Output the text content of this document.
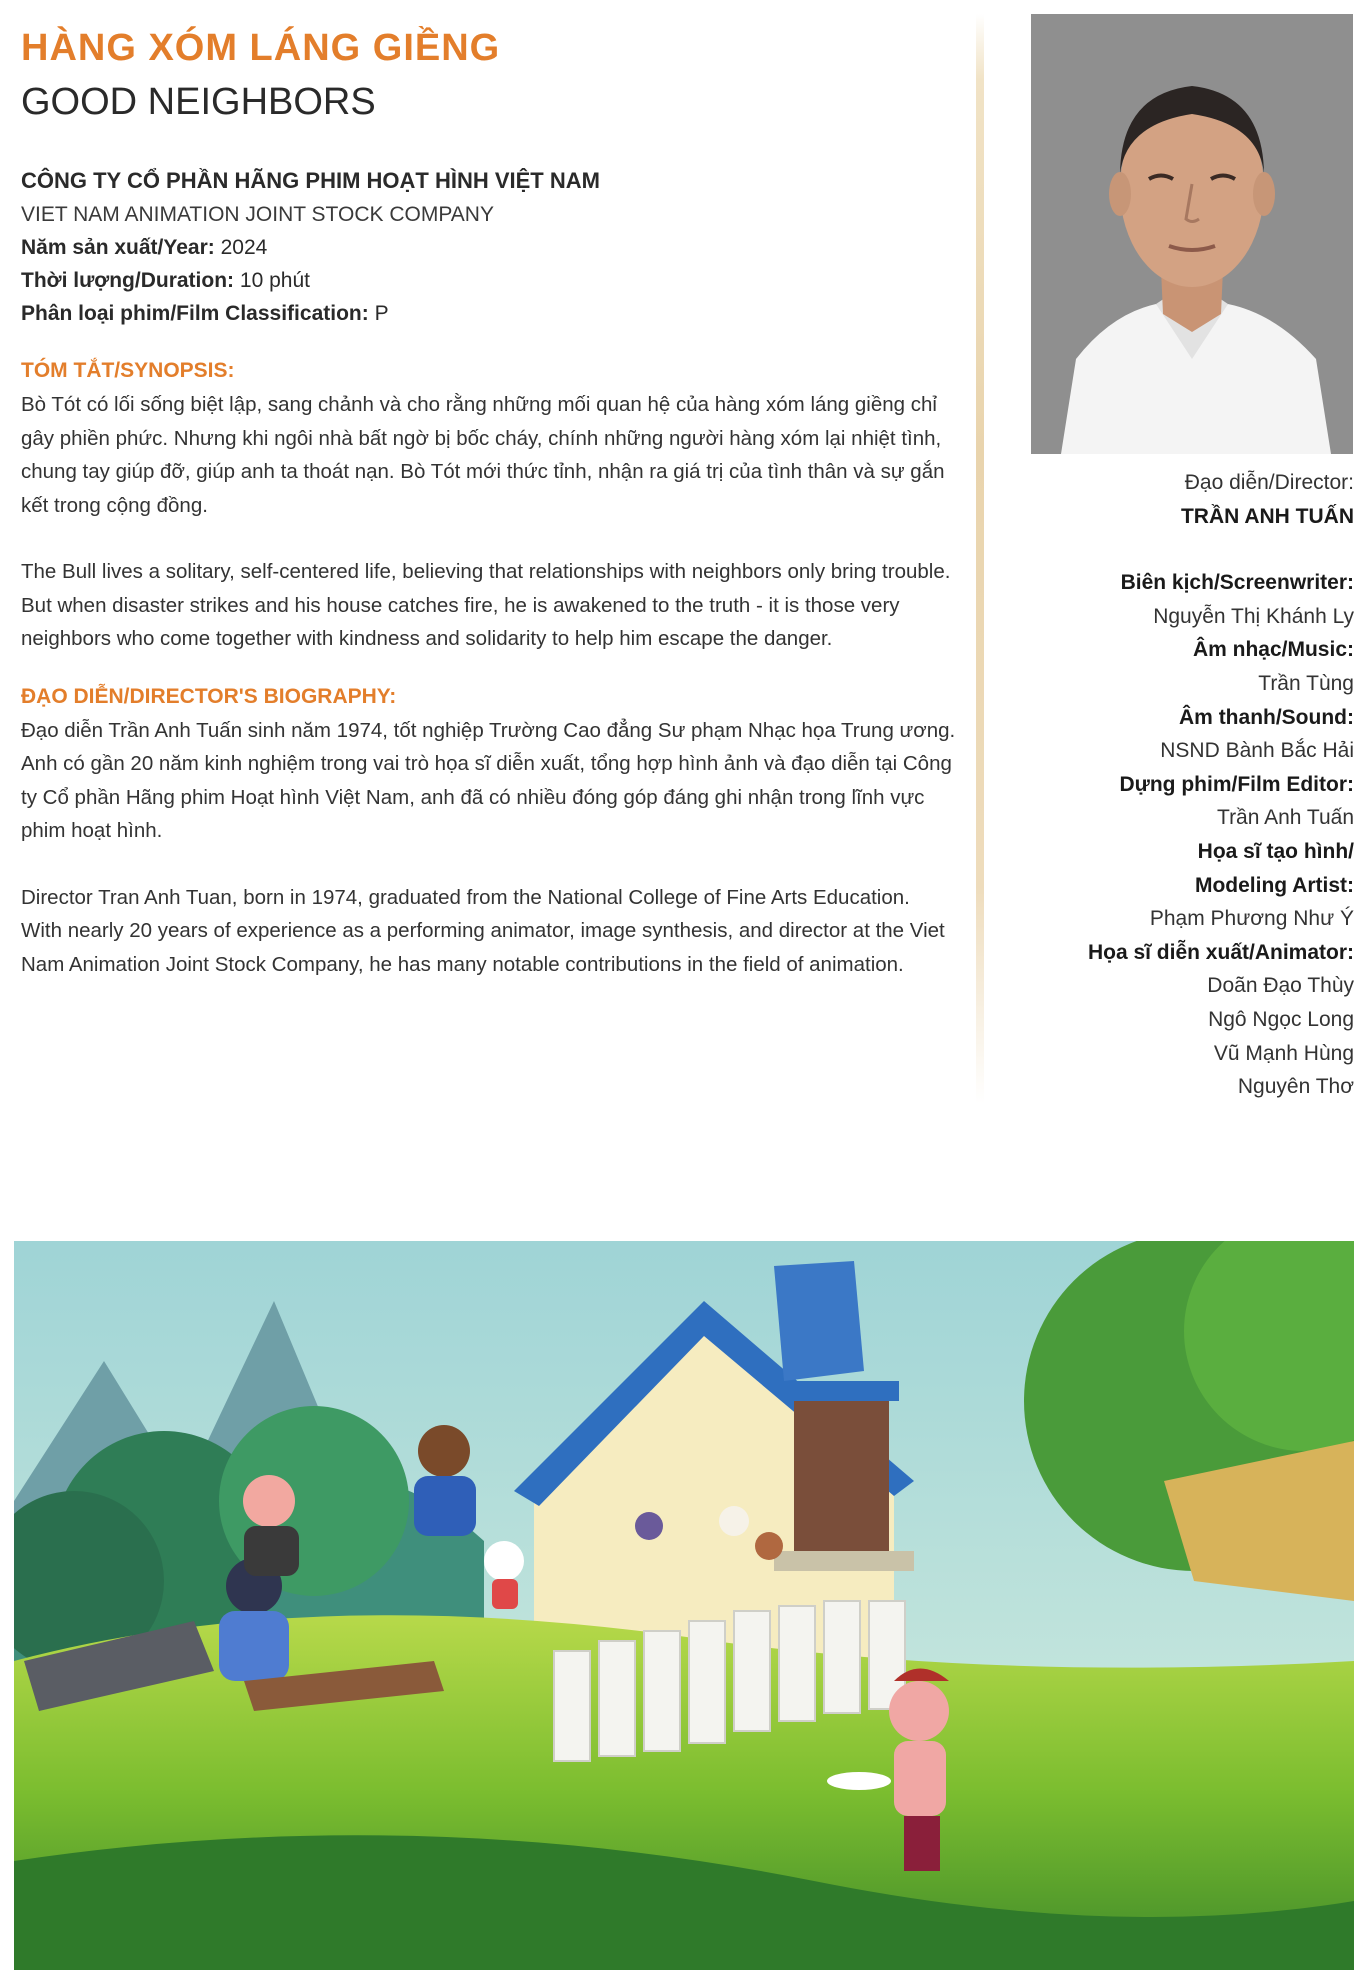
HÀNG XÓM LÁNG GIỀNG
GOOD NEIGHBORS
CÔNG TY CỔ PHẦN HÃNG PHIM HOẠT HÌNH VIỆT NAM
VIET NAM ANIMATION JOINT STOCK COMPANY
Năm sản xuất/Year: 2024
Thời lượng/Duration: 10 phút
Phân loại phim/Film Classification: P
TÓM TẮT/SYNOPSIS:

Bò Tót có lối sống biệt lập, sang chảnh và cho rằng những mối quan hệ của hàng xóm láng giềng chỉ gây phiền phức. Nhưng khi ngôi nhà bất ngờ bị bốc cháy, chính những người hàng xóm lại nhiệt tình, chung tay giúp đỡ, giúp anh ta thoát nạn. Bò Tót mới thức tỉnh, nhận ra giá trị của tình thân và sự gắn kết trong cộng đồng.

The Bull lives a solitary, self-centered life, believing that relationships with neighbors only bring trouble. But when disaster strikes and his house catches fire, he is awakened to the truth - it is those very neighbors who come together with kindness and solidarity to help him escape the danger.

ĐẠO DIỄN/DIRECTOR'S BIOGRAPHY:

Đạo diễn Trần Anh Tuấn sinh năm 1974, tốt nghiệp Trường Cao đẳng Sư phạm Nhạc họa Trung ương. Anh có gần 20 năm kinh nghiệm trong vai trò họa sĩ diễn xuất, tổng hợp hình ảnh và đạo diễn tại Công ty Cổ phần Hãng phim Hoạt hình Việt Nam, anh đã có nhiều đóng góp đáng ghi nhận trong lĩnh vực phim hoạt hình.

Director Tran Anh Tuan, born in 1974, graduated from the National College of Fine Arts Education. With nearly 20 years of experience as a performing animator, image synthesis, and director at the Viet Nam Animation Joint Stock Company, he has many notable contributions in the field of animation.

Đạo diễn/Director:
TRẦN ANH TUẤN
Biên kịch/Screenwriter:
Nguyễn Thị Khánh Ly
Âm nhạc/Music:
Trần Tùng
Âm thanh/Sound:
NSND Bành Bắc Hải
Dựng phim/Film Editor:
Trần Anh Tuấn
Họa sĩ tạo hình/
Modeling Artist:
Phạm Phương Như Ý
Họa sĩ diễn xuất/Animator:
Doãn Đạo Thùy
Ngô Ngọc Long
Vũ Mạnh Hùng
Nguyên Thơ
